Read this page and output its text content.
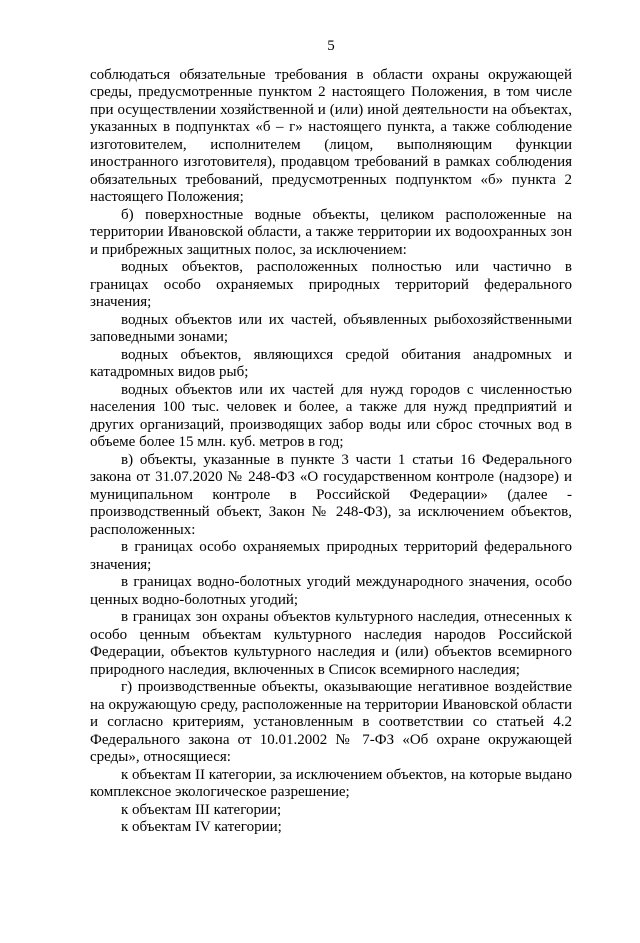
5

соблюдаться обязательные требования в области охраны окружающей среды, предусмотренные пунктом 2 настоящего Положения, в том числе при осуществлении хозяйственной и (или) иной деятельности на объектах, указанных в подпунктах «б – г» настоящего пункта, а также соблюдение изготовителем, исполнителем (лицом, выполняющим функции иностранного изготовителя), продавцом требований в рамках соблюдения обязательных требований, предусмотренных подпунктом «б» пункта 2 настоящего Положения;

б) поверхностные водные объекты, целиком расположенные на территории Ивановской области, а также территории их водоохранных зон и прибрежных защитных полос, за исключением:

водных объектов, расположенных полностью или частично в границах особо охраняемых природных территорий федерального значения;

водных объектов или их частей, объявленных рыбохозяйственными заповедными зонами;

водных объектов, являющихся средой обитания анадромных и катадромных видов рыб;

водных объектов или их частей для нужд городов с численностью населения 100 тыс. человек и более, а также для нужд предприятий и других организаций, производящих забор воды или сброс сточных вод в объеме более 15 млн. куб. метров в год;

в) объекты, указанные в пункте 3 части 1 статьи 16 Федерального закона от 31.07.2020 № 248-ФЗ «О государственном контроле (надзоре) и муниципальном контроле в Российской Федерации» (далее - производственный объект, Закон № 248-ФЗ), за исключением объектов, расположенных:

в границах особо охраняемых природных территорий федерального значения;

в границах водно-болотных угодий международного значения, особо ценных водно-болотных угодий;

в границах зон охраны объектов культурного наследия, отнесенных к особо ценным объектам культурного наследия народов Российской Федерации, объектов культурного наследия и (или) объектов всемирного природного наследия, включенных в Список всемирного наследия;

г) производственные объекты, оказывающие негативное воздействие на окружающую среду, расположенные на территории Ивановской области и согласно критериям, установленным в соответствии со статьей 4.2 Федерального закона от 10.01.2002 № 7-ФЗ «Об охране окружающей среды», относящиеся:

к объектам II категории, за исключением объектов, на которые выдано комплексное экологическое разрешение;

к объектам III категории;

к объектам IV категории;
